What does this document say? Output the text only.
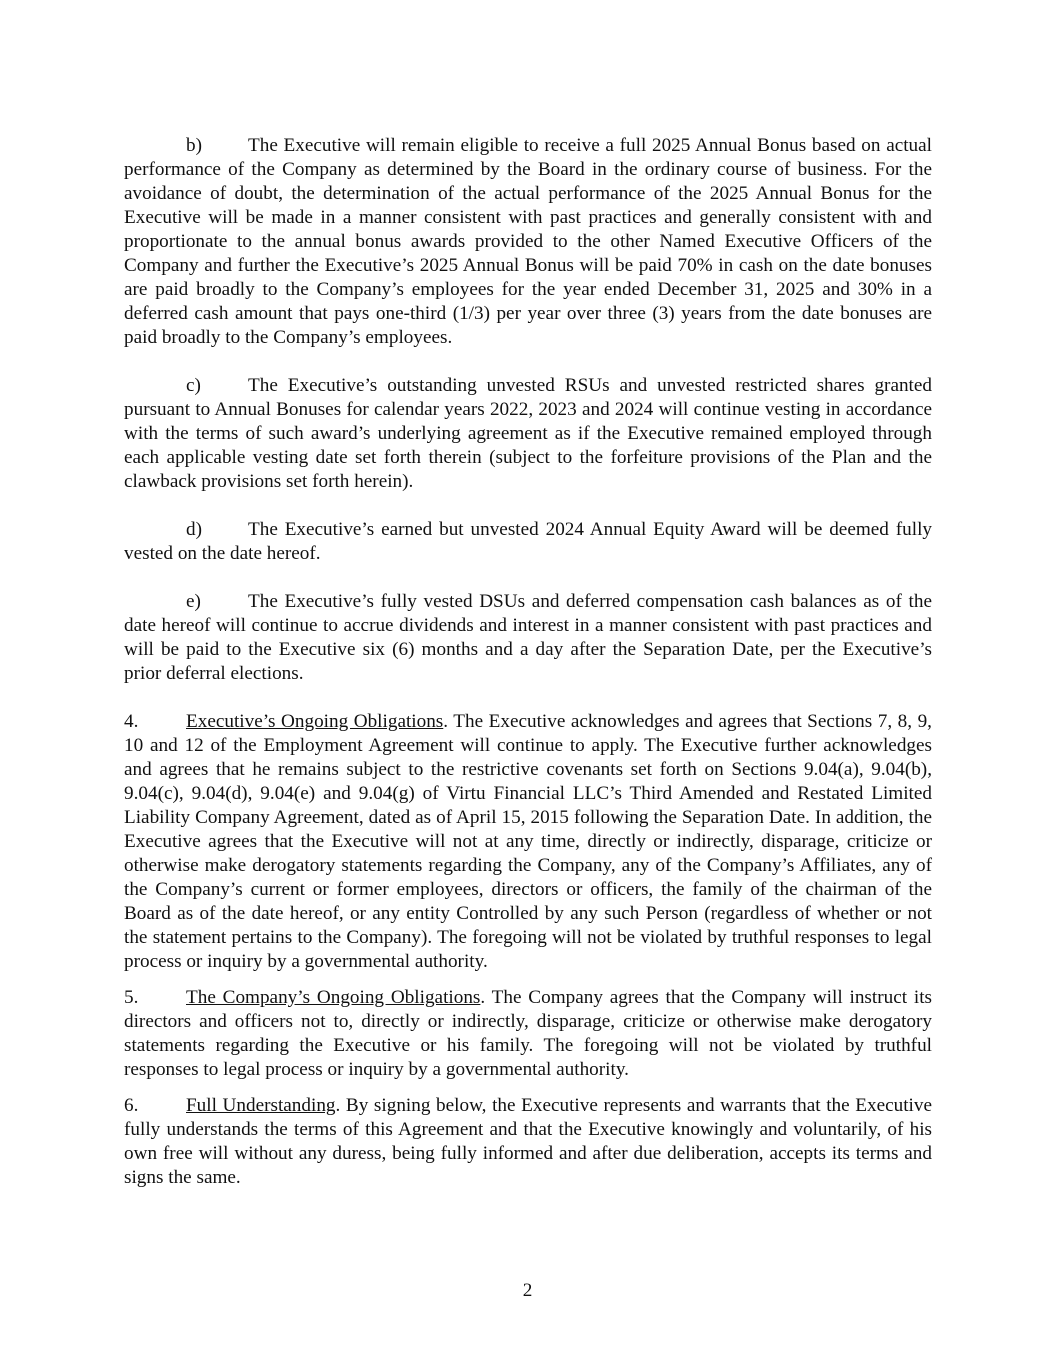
b) The Executive will remain eligible to receive a full 2025 Annual Bonus based on actual performance of the Company as determined by the Board in the ordinary course of business. For the avoidance of doubt, the determination of the actual performance of the 2025 Annual Bonus for the Executive will be made in a manner consistent with past practices and generally consistent with and proportionate to the annual bonus awards provided to the other Named Executive Officers of the Company and further the Executive’s 2025 Annual Bonus will be paid 70% in cash on the date bonuses are paid broadly to the Company’s employees for the year ended December 31, 2025 and 30% in a deferred cash amount that pays one-third (1/3) per year over three (3) years from the date bonuses are paid broadly to the Company’s employees.

c) The Executive’s outstanding unvested RSUs and unvested restricted shares granted pursuant to Annual Bonuses for calendar years 2022, 2023 and 2024 will continue vesting in accordance with the terms of such award’s underlying agreement as if the Executive remained employed through each applicable vesting date set forth therein (subject to the forfeiture provisions of the Plan and the clawback provisions set forth herein).

d) The Executive’s earned but unvested 2024 Annual Equity Award will be deemed fully vested on the date hereof.

e) The Executive’s fully vested DSUs and deferred compensation cash balances as of the date hereof will continue to accrue dividends and interest in a manner consistent with past practices and will be paid to the Executive six (6) months and a day after the Separation Date, per the Executive’s prior deferral elections.

4. Executive’s Ongoing Obligations. The Executive acknowledges and agrees that Sections 7, 8, 9, 10 and 12 of the Employment Agreement will continue to apply. The Executive further acknowledges and agrees that he remains subject to the restrictive covenants set forth on Sections 9.04(a), 9.04(b), 9.04(c), 9.04(d), 9.04(e) and 9.04(g) of Virtu Financial LLC’s Third Amended and Restated Limited Liability Company Agreement, dated as of April 15, 2015 following the Separation Date. In addition, the Executive agrees that the Executive will not at any time, directly or indirectly, disparage, criticize or otherwise make derogatory statements regarding the Company, any of the Company’s Affiliates, any of the Company’s current or former employees, directors or officers, the family of the chairman of the Board as of the date hereof, or any entity Controlled by any such Person (regardless of whether or not the statement pertains to the Company). The foregoing will not be violated by truthful responses to legal process or inquiry by a governmental authority.

5. The Company’s Ongoing Obligations. The Company agrees that the Company will instruct its directors and officers not to, directly or indirectly, disparage, criticize or otherwise make derogatory statements regarding the Executive or his family. The foregoing will not be violated by truthful responses to legal process or inquiry by a governmental authority.

6. Full Understanding. By signing below, the Executive represents and warrants that the Executive fully understands the terms of this Agreement and that the Executive knowingly and voluntarily, of his own free will without any duress, being fully informed and after due deliberation, accepts its terms and signs the same.

2
